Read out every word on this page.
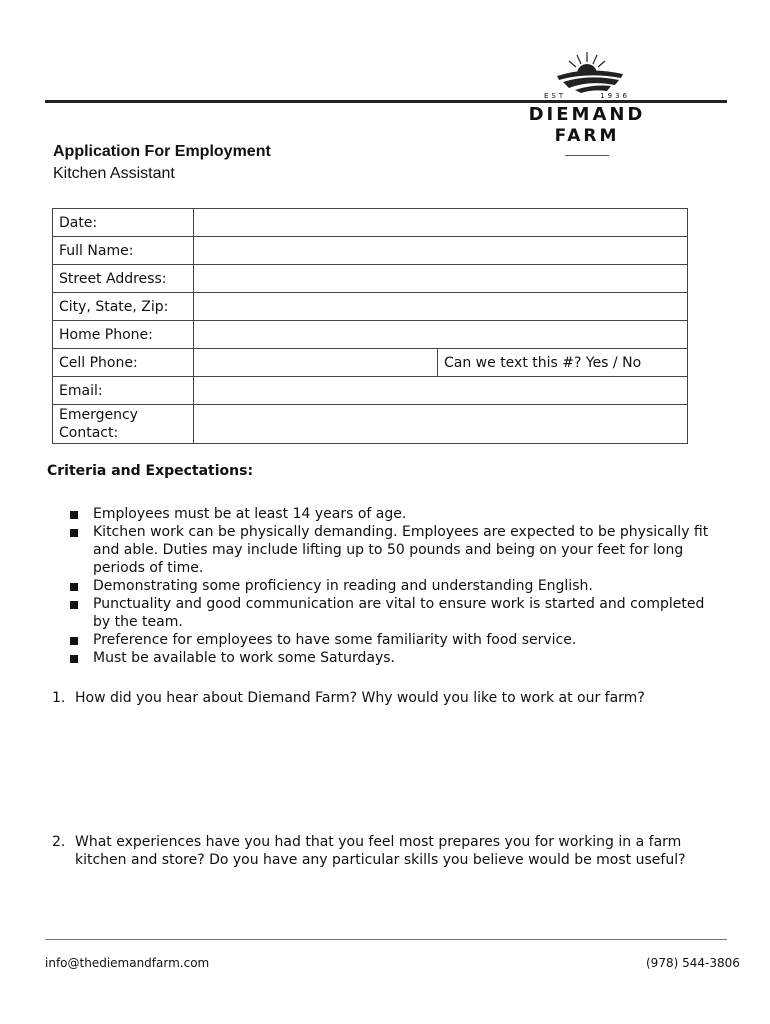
EST	1936
DIEMAND
FARM
Application For Employment
Kitchen Assistant
Date:		
Full Name:		
Street Address:		
City, State, Zip:		
Home Phone:		
Cell Phone:		Can we text this #? Yes / No
Email:		
Emergency Contact:		
Criteria and Expectations:
Employees must be at least 14 years of age.
Kitchen work can be physically demanding. Employees are expected to be physically fit and able. Duties may include lifting up to 50 pounds and being on your feet for long periods of time.
Demonstrating some proficiency in reading and understanding English.
Punctuality and good communication are vital to ensure work is started and completed by the team.
Preference for employees to have some familiarity with food service.
Must be available to work some Saturdays.
1. How did you hear about Diemand Farm? Why would you like to work at our farm?
2. What experiences have you had that you feel most prepares you for working in a farm kitchen and store? Do you have any particular skills you believe would be most useful?
info@thediemandfarm.com	(978) 544-3806
